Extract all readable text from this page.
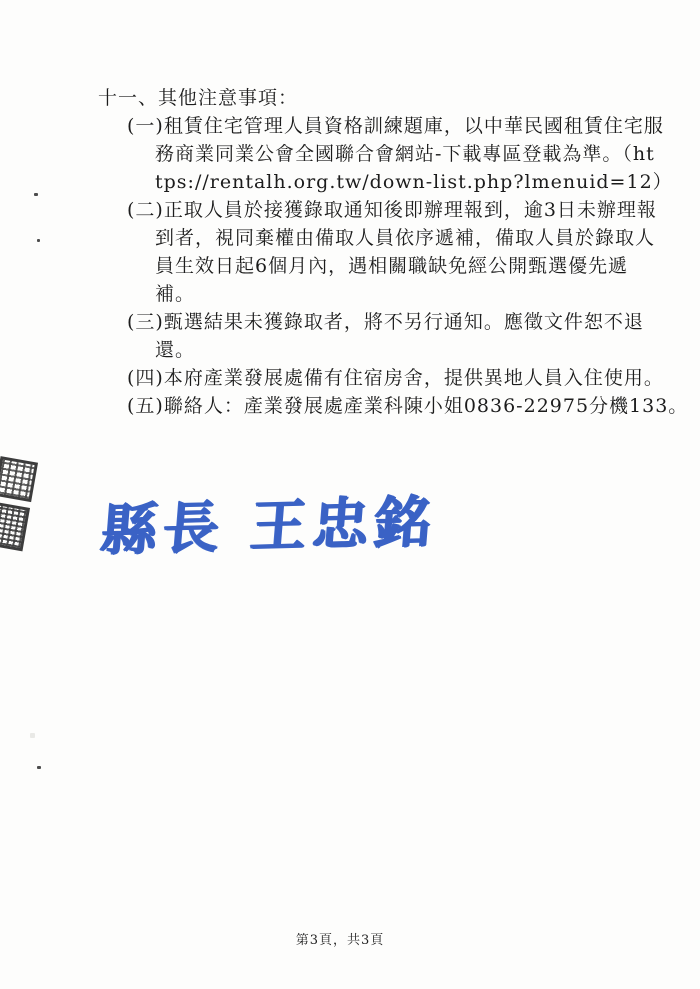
十一、其他注意事項：
(一)租賃住宅管理人員資格訓練題庫，以中華民國租賃住宅服
務商業同業公會全國聯合會網站-下載專區登載為準。（ht
tps://rentalh.org.tw/down-list.php?lmenuid=12）
(二)正取人員於接獲錄取通知後即辦理報到，逾3日未辦理報
到者，視同棄權由備取人員依序遞補，備取人員於錄取人
員生效日起6個月內，遇相關職缺免經公開甄選優先遞
補。
(三)甄選結果未獲錄取者，將不另行通知。應徵文件恕不退
還。
(四)本府產業發展處備有住宿房舍，提供異地人員入住使用。
(五)聯絡人：產業發展處產業科陳小姐0836-22975分機133。
縣長 王忠銘
第3頁，共3頁
